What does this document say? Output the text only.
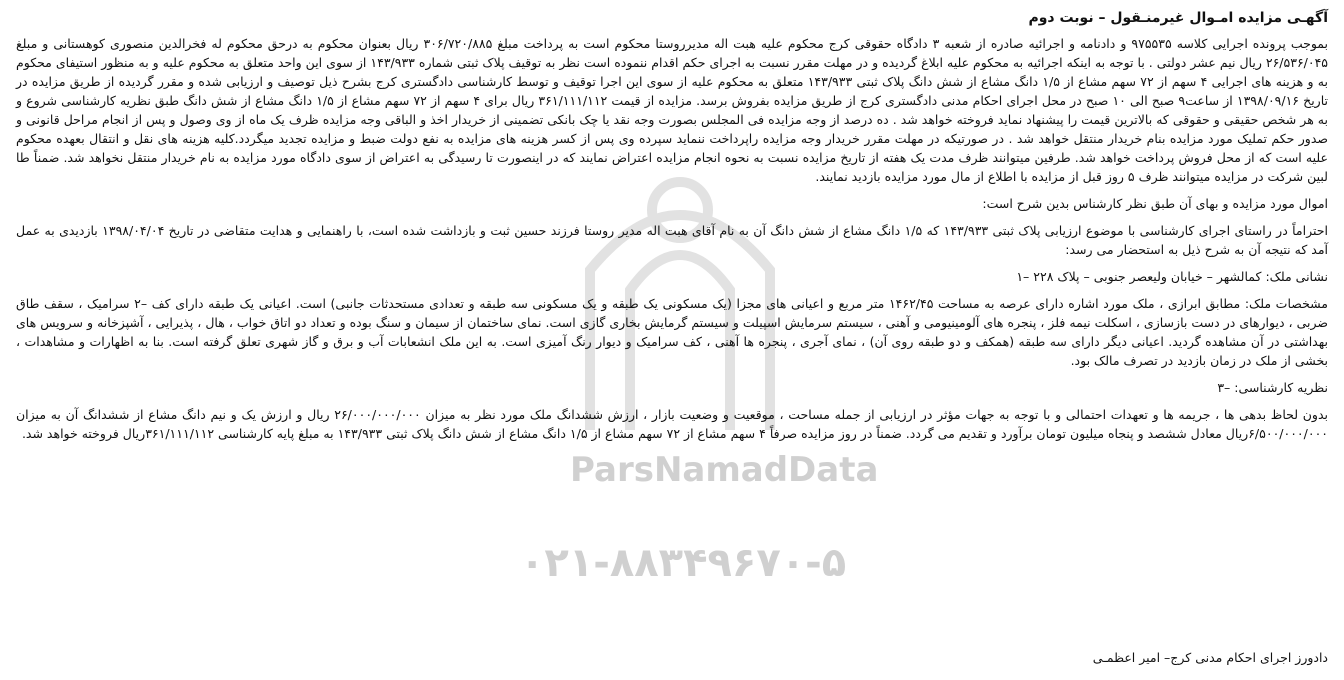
ParsNamadData
۰۲۱-۸۸۳۴۹۶۷۰-۵
آگهـی مزایده امـوال غیرمنـقول – نوبت دوم

بموجب پرونده اجرایی کلاسه ۹۷۵۵۳۵ و دادنامه و اجرائیه صادره از شعبه ۳ دادگاه حقوقی کرج محکوم علیه هبت اله مدیرروستا محکوم است به پرداخت مبلغ ۳۰۶/۷۲۰/۸۸۵ ریال بعنوان محکوم به درحق محکوم له فخرالدین منصوری کوهستانی و مبلغ ۲۶/۵۳۶/۰۴۵ ریال نیم عشر دولتی . با توجه به اینکه اجرائیه به محکوم علیه ابلاغ گردیده و در مهلت مقرر نسبت به اجرای حکم اقدام ننموده است نظر به توقیف پلاک ثبتی شماره ۱۴۳/۹۳۳ از سوی این واحد متعلق به محکوم علیه و به منظور استیفای محکوم به و هزینه های اجرایی ۴ سهم از ۷۲ سهم مشاع از ۱/۵ دانگ مشاع از شش دانگ پلاک ثبتی ۱۴۳/۹۳۳ متعلق به محکوم علیه از سوی این اجرا توقیف و توسط کارشناسی دادگستری کرج بشرح ذیل توصیف و ارزیابی شده و مقرر گردیده از طریق مزایده در تاریخ ۱۳۹۸/۰۹/۱۶ از ساعت۹ صبح الی ۱۰ صبح در محل اجرای احکام مدنی دادگستری کرج از طریق مزایده بفروش برسد. مزایده از قیمت ۳۶۱/۱۱۱/۱۱۲ ریال برای ۴ سهم از ۷۲ سهم مشاع از ۱/۵ دانگ مشاع از شش دانگ طبق نظریه کارشناسی شروع و به هر شخص حقیقی و حقوقی که بالاترین قیمت را پیشنهاد نماید فروخته خواهد شد . ده درصد از وجه مزایده فی المجلس بصورت وجه نقد یا چک بانکی تضمینی از خریدار اخذ و الباقی وجه مزایده ظرف یک ماه از وی وصول و پس از انجام مراحل قانونی و صدور حکم تملیک مورد مزایده بنام خریدار منتقل خواهد شد . در صورتیکه در مهلت مقرر خریدار وجه مزایده راپرداخت ننماید سپرده وی پس از کسر هزینه های مزایده به نفع دولت ضبط و مزایده تجدید میگردد.کلیه هزینه های نقل و انتقال بعهده محکوم علیه است که از محل فروش پرداخت خواهد شد. طرفین میتوانند ظرف مدت یک هفته از تاریخ مزایده نسبت به نحوه انجام مزایده اعتراض نمایند که در اینصورت تا رسیدگی به اعتراض از سوی دادگاه مورد مزایده به نام خریدار منتقل نخواهد شد. ضمناً طا لبین شرکت در مزایده میتوانند ظرف ۵ روز قبل از مزایده با اطلاع از مال مورد مزایده بازدید نمایند.

اموال مورد مزایده و بهای آن طبق نظر کارشناس بدین شرح است:

احتراماً در راستای اجرای کارشناسی با موضوع ارزیابی پلاک ثبتی ۱۴۳/۹۳۳ که ۱/۵ دانگ مشاع از شش دانگ آن به نام آقای هبت اله مدیر روستا فرزند حسین ثبت و بازداشت شده است، با راهنمایی و هدایت متقاضی در تاریخ ۱۳۹۸/۰۴/۰۴ بازدیدی به عمل آمد که نتیجه آن به شرح ذیل به استحضار می رسد:

نشانی ملک: کمالشهر – خیابان ولیعصر جنوبی – پلاک ۲۲۸ –۱

مشخصات ملک: مطابق ابرازی ، ملک مورد اشاره دارای عرصه به مساحت ۱۴۶۲/۴۵ متر مربع و اعیانی های مجزا (یک مسکونی یک طبقه و یک مسکونی سه طبقه و تعدادی مستحدثات جانبی) است. اعیانی یک طبقه دارای کف –۲ سرامیک ، سقف طاق ضربی ، دیوارهای در دست بازسازی ، اسکلت نیمه فلز ، پنجره های آلومینیومی و آهنی ، سیستم سرمایش اسپیلت و سیستم گرمایش بخاری گازی است. نمای ساختمان از سیمان و سنگ بوده و تعداد دو اتاق خواب ، هال ، پذیرایی ، آشپزخانه و سرویس های بهداشتی در آن مشاهده گردید. اعیانی دیگر دارای سه طبقه (همکف و دو طبقه روی آن) ، نمای آجری ، پنجره ها آهنی ، کف سرامیک و دیوار رنگ آمیزی است. به این ملک انشعابات آب و برق و گاز شهری تعلق گرفته است. بنا به اظهارات و مشاهدات ، بخشی از ملک در زمان بازدید در تصرف مالک بود.

نظریه کارشناسی: –۳

بدون لحاظ بدهی ها ، جریمه ها و تعهدات احتمالی و با توجه به جهات مؤثر در ارزیابی از جمله مساحت ، موقعیت و وضعیت بازار ، ارزش ششدانگ ملک مورد نظر به میزان ۲۶/۰۰۰/۰۰۰/۰۰۰ ریال و ارزش یک و نیم دانگ مشاع از ششدانگ آن به میزان ۶/۵۰۰/۰۰۰/۰۰۰ریال معادل ششصد و پنجاه میلیون تومان برآورد و تقدیم می گردد. ضمناً در روز مزایده صرفاً ۴ سهم مشاع از ۷۲ سهم مشاع از ۱/۵ دانگ مشاع از شش دانگ پلاک ثبتی ۱۴۳/۹۳۳ به مبلغ پایه کارشناسی ۳۶۱/۱۱۱/۱۱۲ریال فروخته خواهد شد.

دادورز اجرای احکام مدنی کرج– امیر اعظمـی
